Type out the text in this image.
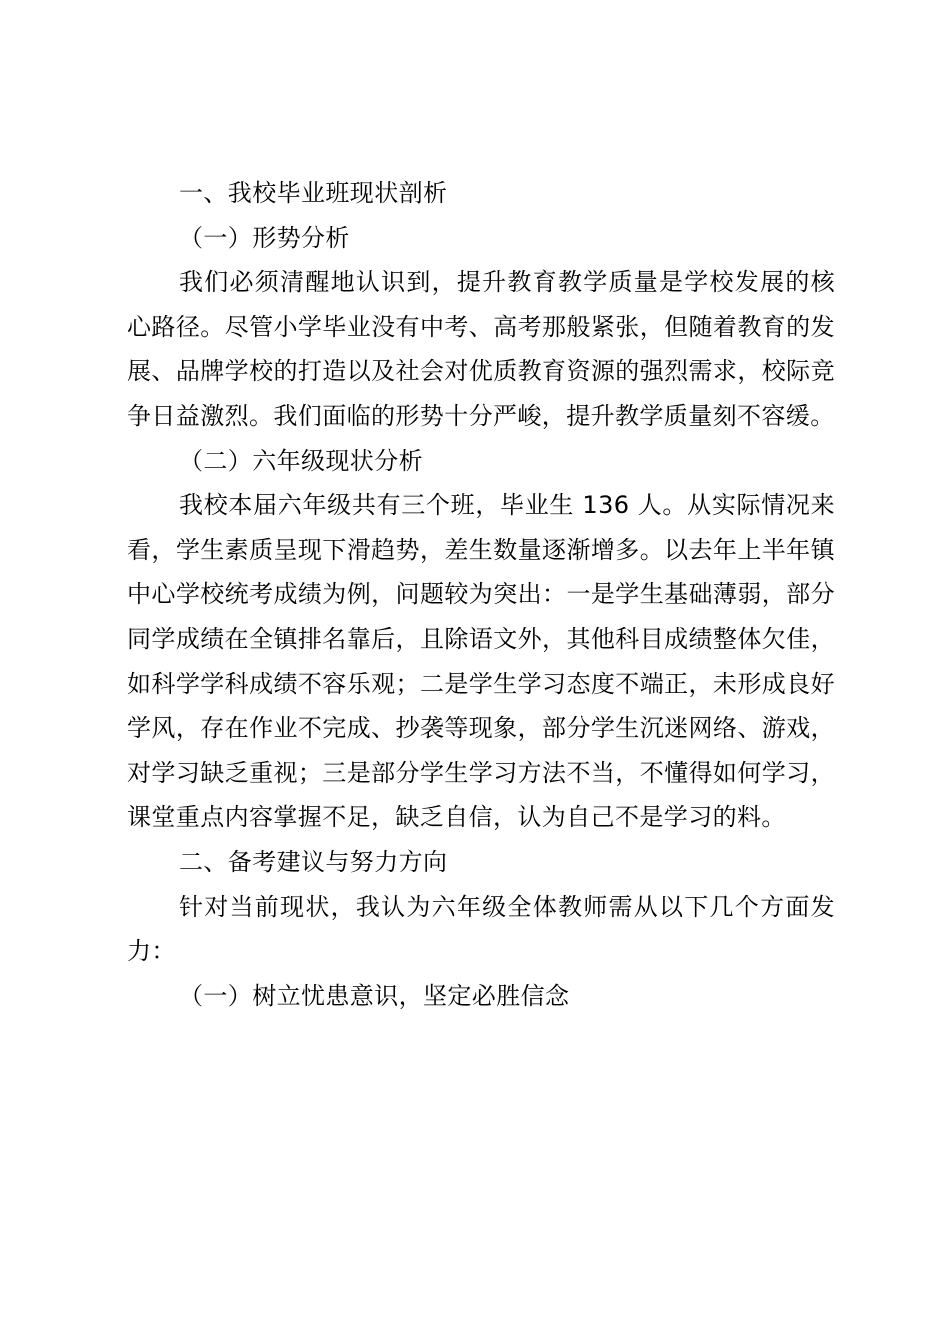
一、我校毕业班现状剖析

（一）形势分析

我们必须清醒地认识到，提升教育教学质量是学校发展的核心路径。尽管小学毕业没有中考、高考那般紧张，但随着教育的发展、品牌学校的打造以及社会对优质教育资源的强烈需求，校际竞争日益激烈。我们面临的形势十分严峻，提升教学质量刻不容缓。

（二）六年级现状分析

我校本届六年级共有三个班，毕业生 136 人。从实际情况来看，学生素质呈现下滑趋势，差生数量逐渐增多。以去年上半年镇中心学校统考成绩为例，问题较为突出：一是学生基础薄弱，部分同学成绩在全镇排名靠后，且除语文外，其他科目成绩整体欠佳，如科学学科成绩不容乐观；二是学生学习态度不端正，未形成良好学风，存在作业不完成、抄袭等现象，部分学生沉迷网络、游戏，对学习缺乏重视；三是部分学生学习方法不当，不懂得如何学习，课堂重点内容掌握不足，缺乏自信，认为自己不是学习的料。

二、备考建议与努力方向

针对当前现状，我认为六年级全体教师需从以下几个方面发力：

（一）树立忧患意识，坚定必胜信念
